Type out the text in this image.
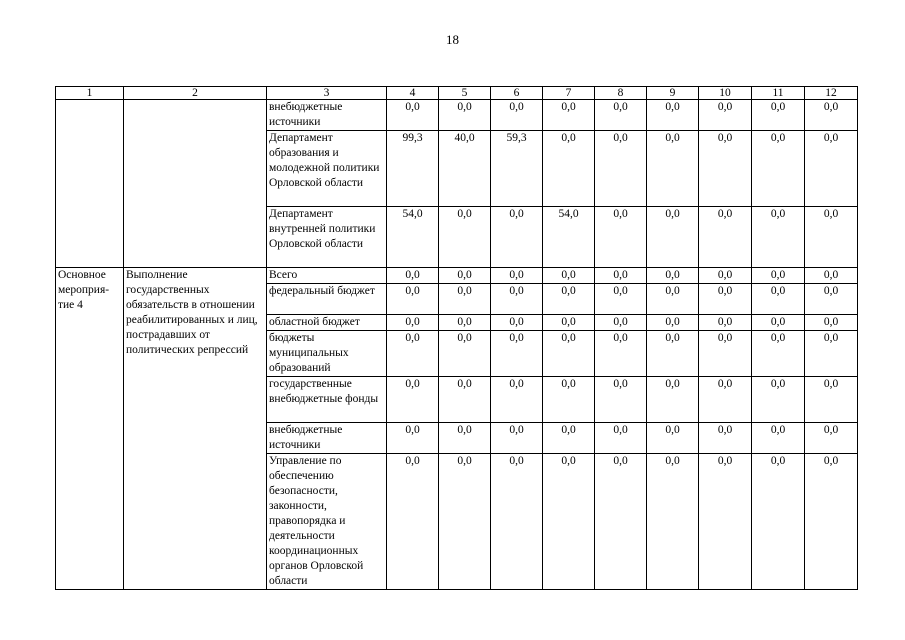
18
1	2	3	4	5	6	7	8	9	10	11	12
		внебюджетные источники	0,0	0,0	0,0	0,0	0,0	0,0	0,0	0,0	0,0
		Департамент образования и молодежной политики Орловской области	99,3	40,0	59,3	0,0	0,0	0,0	0,0	0,0	0,0
		Департамент внутренней политики Орловской области	54,0	0,0	0,0	54,0	0,0	0,0	0,0	0,0	0,0
Основное мероприя-тие 4	Выполнение государственных обязательств в отношении реабилитированных и лиц, пострадавших от политических репрессий	Всего	0,0	0,0	0,0	0,0	0,0	0,0	0,0	0,0	0,0
		федеральный бюджет	0,0	0,0	0,0	0,0	0,0	0,0	0,0	0,0	0,0
		областной бюджет	0,0	0,0	0,0	0,0	0,0	0,0	0,0	0,0	0,0
		бюджеты муниципальных образований	0,0	0,0	0,0	0,0	0,0	0,0	0,0	0,0	0,0
		государственные внебюджетные фонды	0,0	0,0	0,0	0,0	0,0	0,0	0,0	0,0	0,0
		внебюджетные источники	0,0	0,0	0,0	0,0	0,0	0,0	0,0	0,0	0,0
		Управление по обеспечению безопасности, законности, правопорядка и деятельности координационных органов Орловской области	0,0	0,0	0,0	0,0	0,0	0,0	0,0	0,0	0,0
